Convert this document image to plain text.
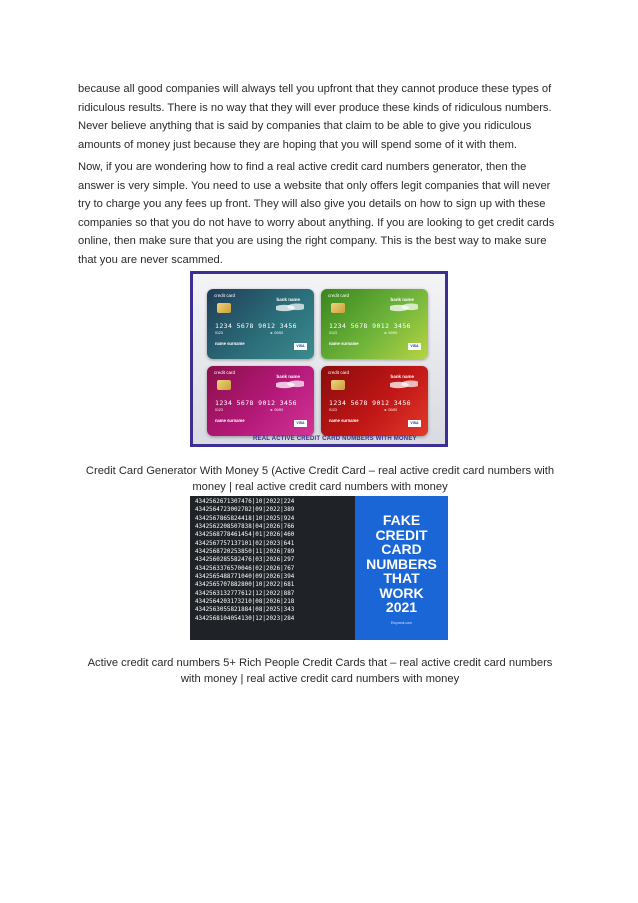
because all good companies will always tell you upfront that they cannot produce these types of ridiculous results. There is no way that they will ever produce these kinds of ridiculous numbers. Never believe anything that is said by companies that claim to be able to give you ridiculous amounts of money just because they are hoping that you will spend some of it with them.

Now, if you are wondering how to find a real active credit card numbers generator, then the answer is very simple. You need to use a website that only offers legit companies that will never try to charge you any fees up front. They will also give you details on how to sign up with these companies so that you do not have to worry about anything. If you are looking to get credit cards online, then make sure that you are using the right company. This is the best way to make sure that you are never scammed.

credit card
bank name
1234 5678 9012 3456
0123	► 00/00
name surname	VISA
credit card
bank name
1234 5678 9012 3456
0123	► 00/00
name surname	VISA
credit card
bank name
1234 5678 9012 3456
0123	► 00/00
name surname	VISA
credit card
bank name
1234 5678 9012 3456
0123	► 00/00
name surname	VISA
REAL ACTIVE CREDIT CARD NUMBERS WITH MONEY

Credit Card Generator With Money 5 (Active Credit Card – real active credit card numbers with money | real active credit card numbers with money

4342562671307476|10|2022|224
4342564723002782|09|2022|389
4342567865824418|10|2025|924
4342562208507838|04|2026|766
4342568778461454|01|2026|460
4342567757137101|02|2023|641
4342568720253850|11|2026|789
4342560285582476|03|2026|297
4342563376570046|02|2026|767
4342565488771040|09|2026|394
4342565707882800|10|2022|681
4342563132777612|12|2022|887
4342564203173210|08|2026|218
4342563055821884|08|2025|343
4342568104054130|12|2023|284

FAKE
CREDIT
CARD
NUMBERS
THAT
WORK
2021

Etsyrank.com

Active credit card numbers 5+ Rich People Credit Cards that – real active credit card numbers with money | real active credit card numbers with money
